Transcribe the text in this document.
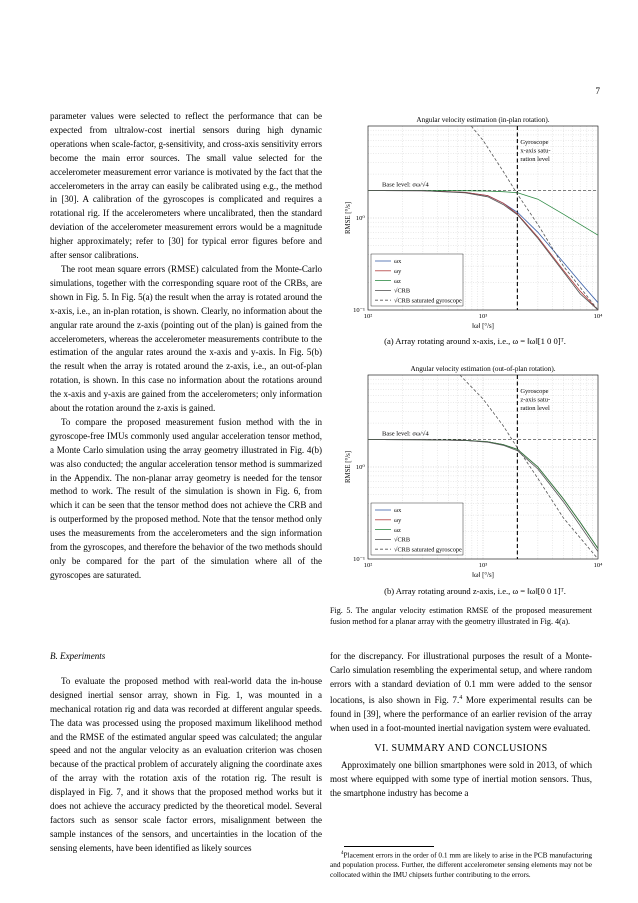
7

parameter values were selected to reflect the performance that can be expected from ultralow-cost inertial sensors during high dynamic operations when scale-factor, g-sensitivity, and cross-axis sensitivity errors become the main error sources. The small value selected for the accelerometer measurement error variance is motivated by the fact that the accelerometers in the array can easily be calibrated using e.g., the method in [30]. A calibration of the gyroscopes is complicated and requires a rotational rig. If the accelerometers where uncalibrated, then the standard deviation of the accelerometer measurement errors would be a magnitude higher approximately; refer to [30] for typical error figures before and after sensor calibrations.

The root mean square errors (RMSE) calculated from the Monte-Carlo simulations, together with the corresponding square root of the CRBs, are shown in Fig. 5. In Fig. 5(a) the result when the array is rotated around the x-axis, i.e., an in-plan rotation, is shown. Clearly, no information about the angular rate around the z-axis (pointing out of the plan) is gained from the accelerometers, whereas the accelerometer measurements contribute to the estimation of the angular rates around the x-axis and y-axis. In Fig. 5(b) the result when the array is rotated around the z-axis, i.e., an out-of-plan rotation, is shown. In this case no information about the rotations around the x-axis and y-axis are gained from the accelerometers; only information about the rotation around the z-axis is gained.

To compare the proposed measurement fusion method with the in gyroscope-free IMUs commonly used angular acceleration tensor method, a Monte Carlo simulation using the array geometry illustrated in Fig. 4(b) was also conducted; the angular acceleration tensor method is summarized in the Appendix. The non-planar array geometry is needed for the tensor method to work. The result of the simulation is shown in Fig. 6, from which it can be seen that the tensor method does not achieve the CRB and is outperformed by the proposed method. Note that the tensor method only uses the measurements from the accelerometers and the sign information from the gyroscopes, and therefore the behavior of the two methods should only be compared for the part of the simulation where all of the gyroscopes are saturated.

B. Experiments

To evaluate the proposed method with real-world data the in-house designed inertial sensor array, shown in Fig. 1, was mounted in a mechanical rotation rig and data was recorded at different angular speeds. The data was processed using the proposed maximum likelihood method and the RMSE of the estimated angular speed was calculated; the angular speed and not the angular velocity as an evaluation criterion was chosen because of the practical problem of accurately aligning the coordinate axes of the array with the rotation axis of the rotation rig. The result is displayed in Fig. 7, and it shows that the proposed method works but it does not achieve the accuracy predicted by the theoretical model. Several factors such as sensor scale factor errors, misalignment between the sample instances of the sensors, and uncertainties in the location of the sensing elements, have been identified as likely sources

for the discrepancy. For illustrational purposes the result of a Monte-Carlo simulation resembling the experimental setup, and where random errors with a standard deviation of 0.1 mm were added to the sensor locations, is also shown in Fig. 7.$^4$ More experimental results can be found in [39], where the performance of an earlier revision of the array when used in a foot-mounted inertial navigation system were evaluated.

VI. SUMMARY AND CONCLUSIONS

Approximately one billion smartphones were sold in 2013, of which most where equipped with some type of inertial motion sensors. Thus, the smartphone industry has become a

$^4$Placement errors in the order of 0.1 mm are likely to arise in the PCB manufacturing and population process. Further, the different accelerometer sensing elements may not be collocated within the IMU chipsets further contributing to the errors.

Angular velocity estimation (in-plan rotation).
10²	10³	10⁴
10⁰
10⁻¹
‖ω‖ [°/s]
RMSE [°/s]
Base level: σω/√4
Gyroscope
x-axis satu-
ration level
ωx
ωy
ωz
√CRB
√CRB saturated gyroscope
(a) Array rotating around x-axis, i.e., ω = ‖ω‖[1 0 0]ᵀ.
Angular velocity estimation (out-of-plan rotation).
10²	10³	10⁴
10⁰
10⁻¹
‖ω‖ [°/s]
RMSE [°/s]
Base level: σω/√4
Gyroscope
z-axis satu-
ration level
ωx
ωy
ωz
√CRB
√CRB saturated gyroscope
(b) Array rotating around z-axis, i.e., ω = ‖ω‖[0 0 1]ᵀ.
Fig. 5. The angular velocity estimation RMSE of the proposed measurement fusion method for a planar array with the geometry illustrated in Fig. 4(a).
